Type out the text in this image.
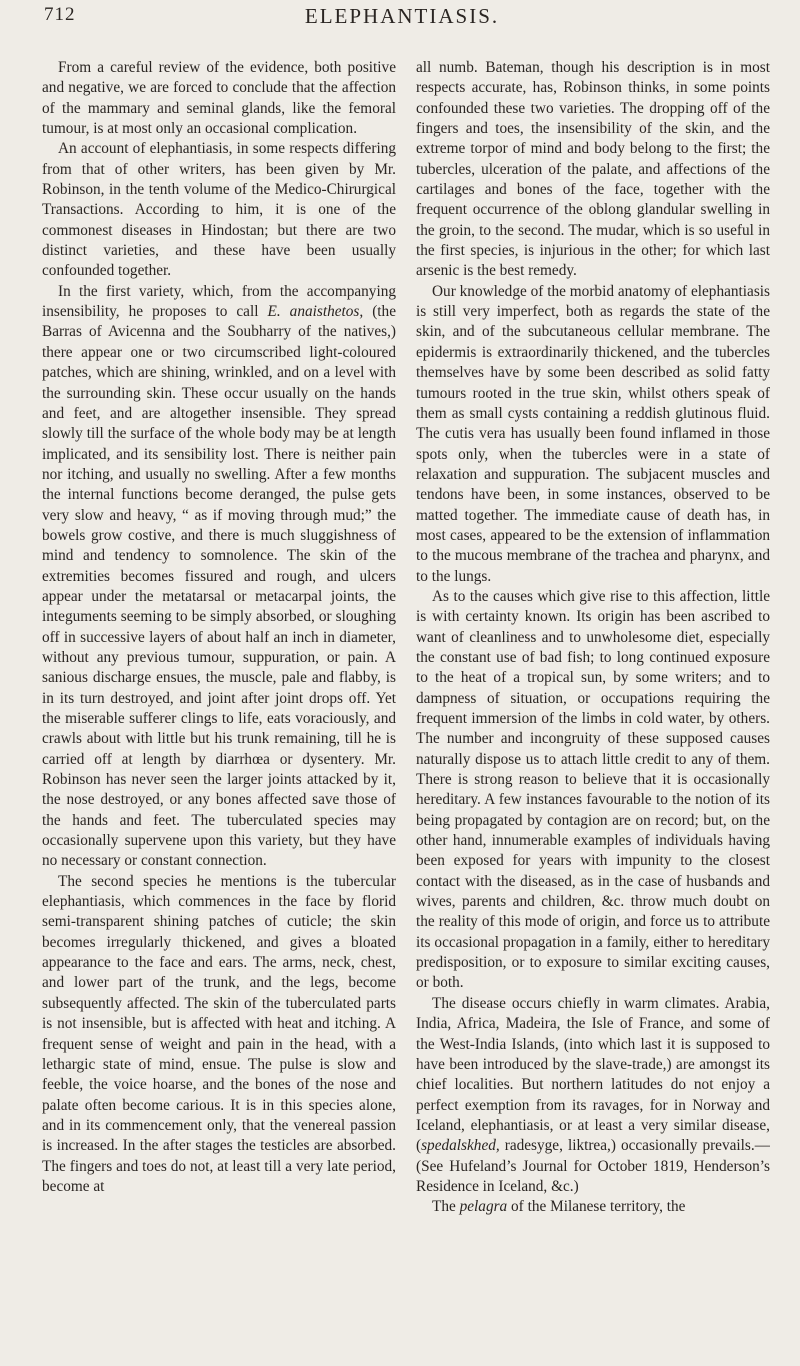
712	ELEPHANTIASIS.

From a careful review of the evidence, both positive and negative, we are forced to conclude that the affection of the mammary and seminal glands, like the femoral tumour, is at most only an occasional complication.

An account of elephantiasis, in some respects differing from that of other writers, has been given by Mr. Robinson, in the tenth volume of the Medico-Chirurgical Transactions. According to him, it is one of the commonest diseases in Hindostan; but there are two distinct varieties, and these have been usually confounded together.

In the first variety, which, from the accompanying insensibility, he proposes to call E. anaisthetos, (the Barras of Avicenna and the Soubharry of the natives,) there appear one or two circumscribed light-coloured patches, which are shining, wrinkled, and on a level with the surrounding skin. These occur usually on the hands and feet, and are altogether insensible. They spread slowly till the surface of the whole body may be at length implicated, and its sensibility lost. There is neither pain nor itching, and usually no swelling. After a few months the internal functions become deranged, the pulse gets very slow and heavy, “ as if moving through mud;” the bowels grow costive, and there is much sluggishness of mind and tendency to somnolence. The skin of the extremities becomes fissured and rough, and ulcers appear under the metatarsal or metacarpal joints, the integuments seeming to be simply absorbed, or sloughing off in successive layers of about half an inch in diameter, without any previous tumour, suppuration, or pain. A sanious discharge ensues, the muscle, pale and flabby, is in its turn destroyed, and joint after joint drops off. Yet the miserable sufferer clings to life, eats voraciously, and crawls about with little but his trunk remaining, till he is carried off at length by diarrhœa or dysentery. Mr. Robinson has never seen the larger joints attacked by it, the nose destroyed, or any bones affected save those of the hands and feet. The tuberculated species may occasionally supervene upon this variety, but they have no necessary or constant connection.

The second species he mentions is the tubercular elephantiasis, which commences in the face by florid semi-transparent shining patches of cuticle; the skin becomes irregularly thickened, and gives a bloated appearance to the face and ears. The arms, neck, chest, and lower part of the trunk, and the legs, become subsequently affected. The skin of the tuberculated parts is not insensible, but is affected with heat and itching. A frequent sense of weight and pain in the head, with a lethargic state of mind, ensue. The pulse is slow and feeble, the voice hoarse, and the bones of the nose and palate often become carious. It is in this species alone, and in its commencement only, that the venereal passion is increased. In the after stages the testicles are absorbed. The fingers and toes do not, at least till a very late period, become at

all numb. Bateman, though his description is in most respects accurate, has, Robinson thinks, in some points confounded these two varieties. The dropping off of the fingers and toes, the insensibility of the skin, and the extreme torpor of mind and body belong to the first; the tubercles, ulceration of the palate, and affections of the cartilages and bones of the face, together with the frequent occurrence of the oblong glandular swelling in the groin, to the second. The mudar, which is so useful in the first species, is injurious in the other; for which last arsenic is the best remedy.

Our knowledge of the morbid anatomy of elephantiasis is still very imperfect, both as regards the state of the skin, and of the subcutaneous cellular membrane. The epidermis is extraordinarily thickened, and the tubercles themselves have by some been described as solid fatty tumours rooted in the true skin, whilst others speak of them as small cysts containing a reddish glutinous fluid. The cutis vera has usually been found inflamed in those spots only, when the tubercles were in a state of relaxation and suppuration. The subjacent muscles and tendons have been, in some instances, observed to be matted together. The immediate cause of death has, in most cases, appeared to be the extension of inflammation to the mucous membrane of the trachea and pharynx, and to the lungs.

As to the causes which give rise to this affection, little is with certainty known. Its origin has been ascribed to want of cleanliness and to unwholesome diet, especially the constant use of bad fish; to long continued exposure to the heat of a tropical sun, by some writers; and to dampness of situation, or occupations requiring the frequent immersion of the limbs in cold water, by others. The number and incongruity of these supposed causes naturally dispose us to attach little credit to any of them. There is strong reason to believe that it is occasionally hereditary. A few instances favourable to the notion of its being propagated by contagion are on record; but, on the other hand, innumerable examples of individuals having been exposed for years with impunity to the closest contact with the diseased, as in the case of husbands and wives, parents and children, &c. throw much doubt on the reality of this mode of origin, and force us to attribute its occasional propagation in a family, either to hereditary predisposition, or to exposure to similar exciting causes, or both.

The disease occurs chiefly in warm climates. Arabia, India, Africa, Madeira, the Isle of France, and some of the West-India Islands, (into which last it is supposed to have been introduced by the slave-trade,) are amongst its chief localities. But northern latitudes do not enjoy a perfect exemption from its ravages, for in Norway and Iceland, elephantiasis, or at least a very similar disease, (spedalskhed, radesyge, liktrea,) occasionally prevails.— (See Hufeland’s Journal for October 1819, Henderson’s Residence in Iceland, &c.)

The pelagra of the Milanese territory, the
